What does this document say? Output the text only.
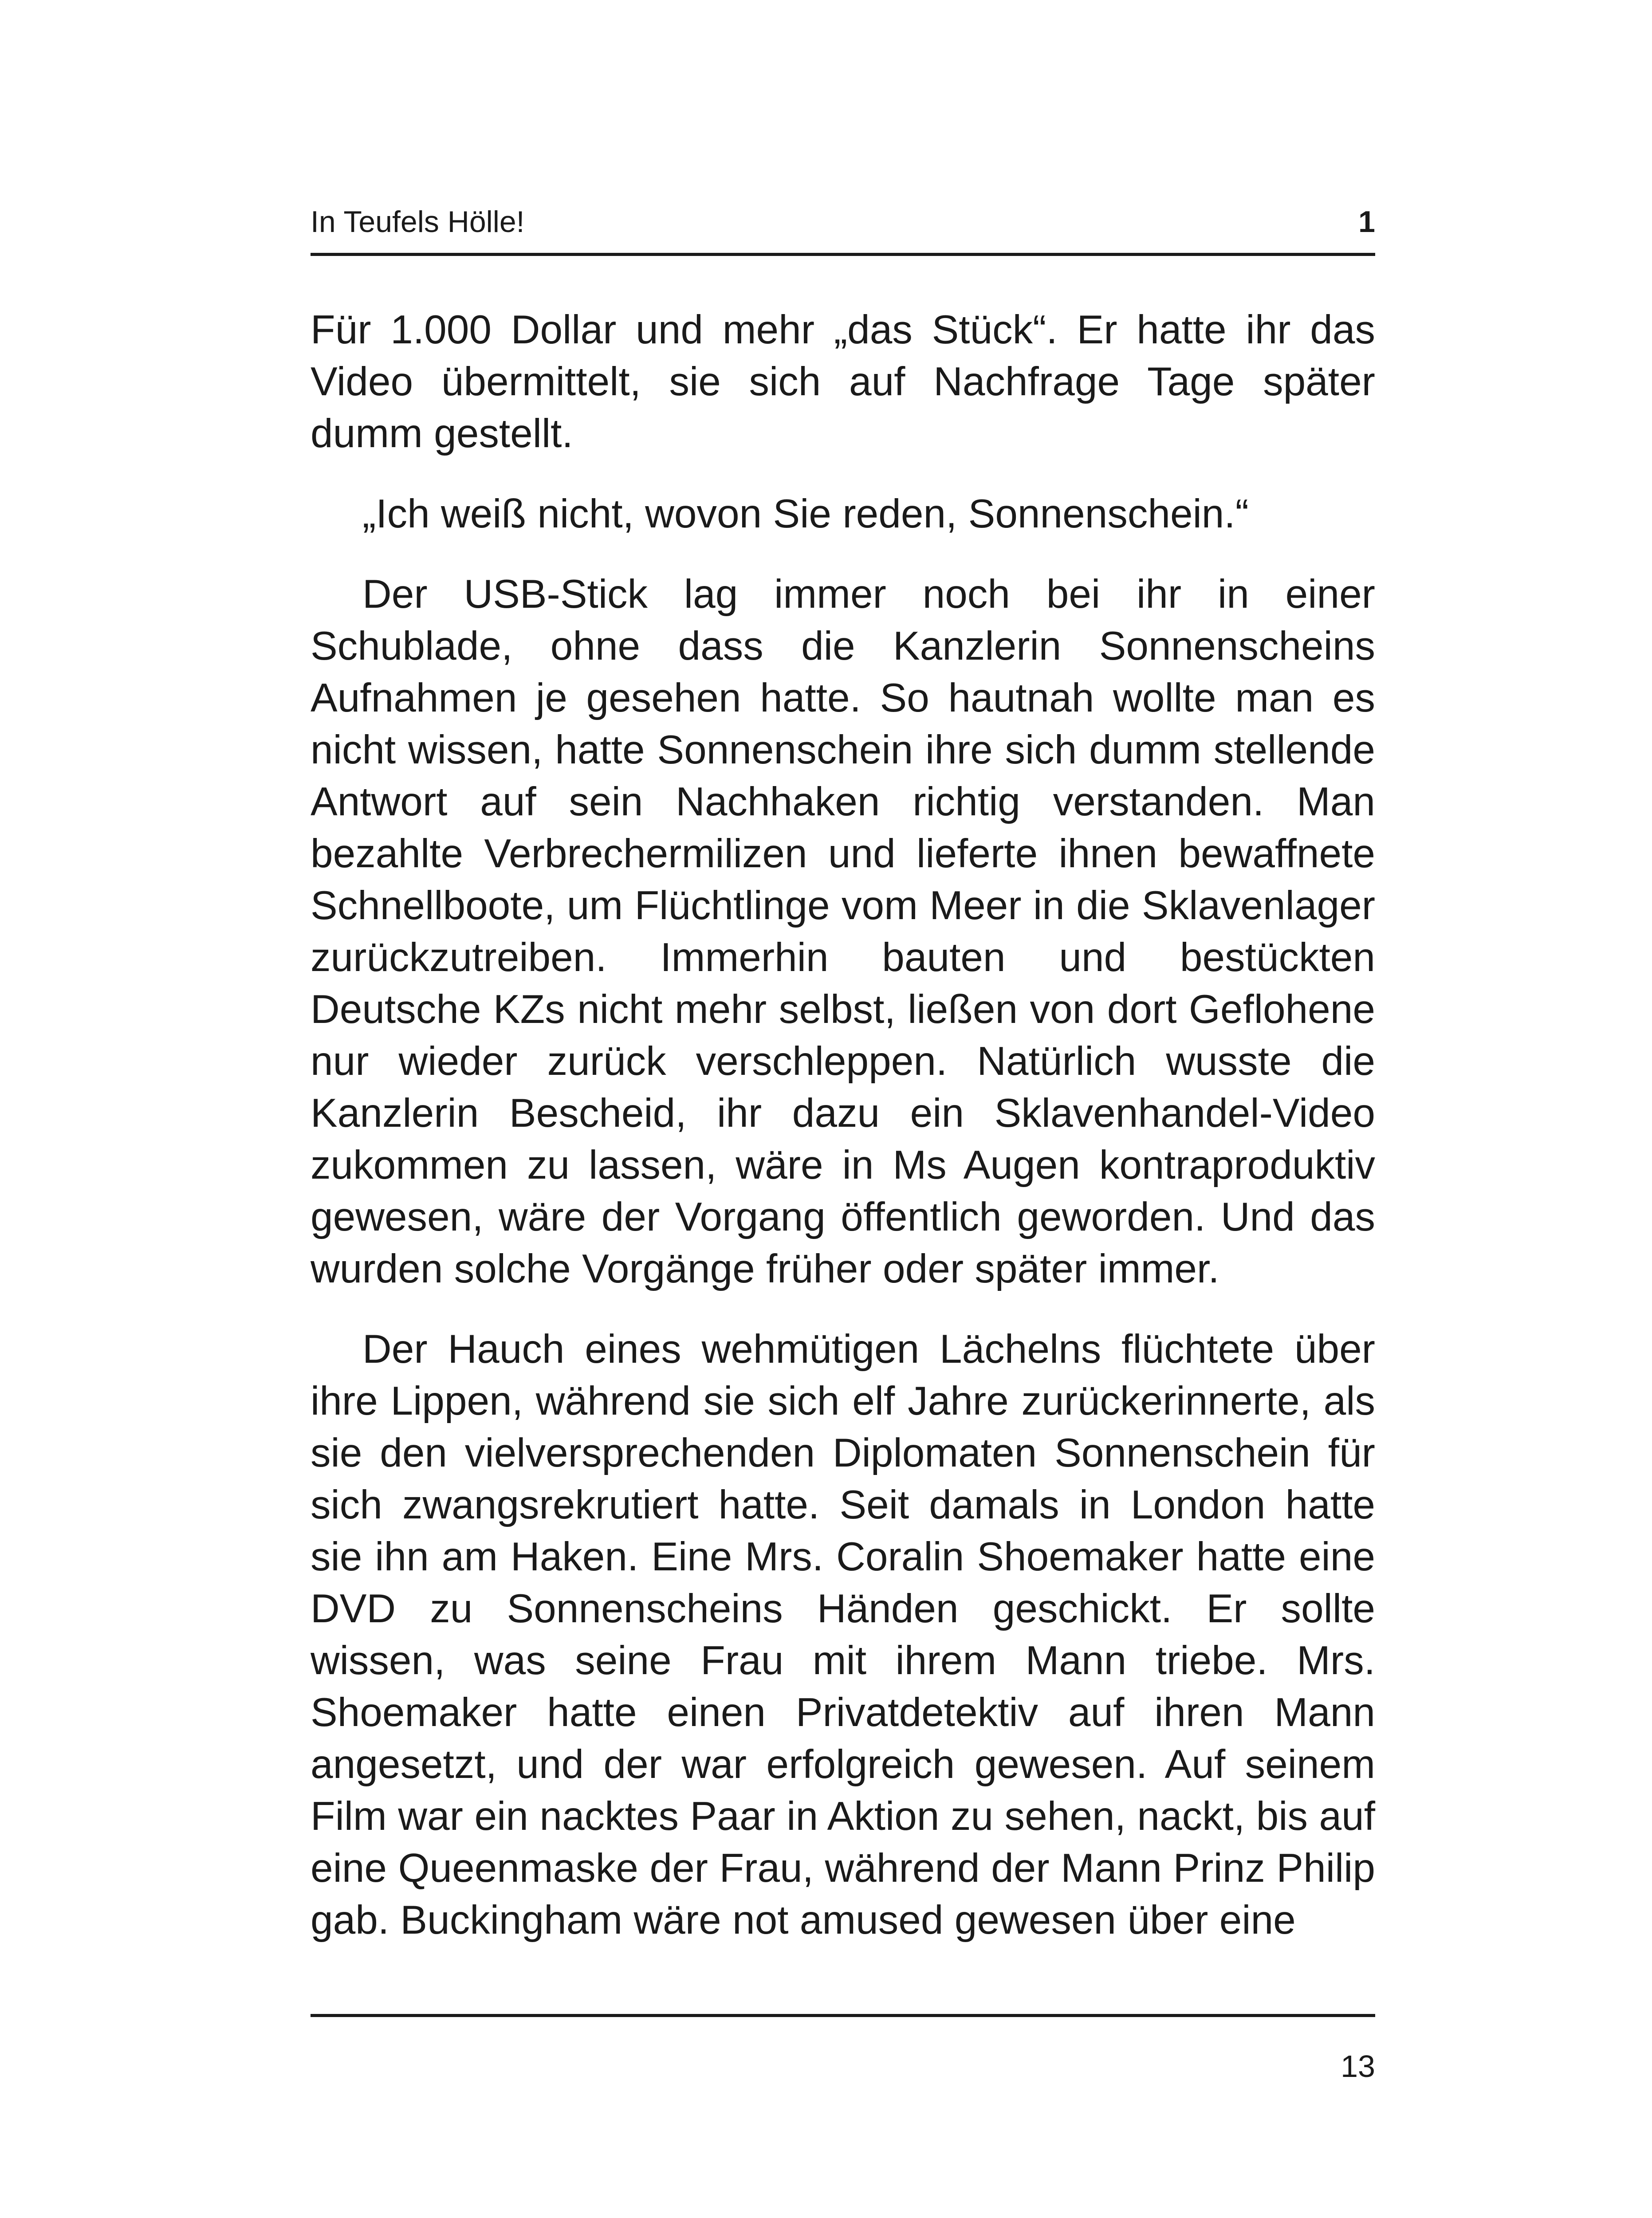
In Teufels Hölle!	1

Für 1.000 Dollar und mehr „das Stück“. Er hatte ihr das Video übermittelt, sie sich auf Nachfrage Tage später dumm gestellt.

„Ich weiß nicht, wovon Sie reden, Sonnenschein.“

Der USB-Stick lag immer noch bei ihr in einer Schublade, ohne dass die Kanzlerin Sonnenscheins Aufnahmen je gesehen hatte. So hautnah wollte man es nicht wissen, hatte Sonnenschein ihre sich dumm stellende Antwort auf sein Nachhaken richtig verstanden. Man bezahlte Verbrechermilizen und lieferte ihnen bewaffnete Schnellboote, um Flüchtlinge vom Meer in die Sklavenlager zurückzutreiben. Immerhin bauten und bestückten Deutsche KZs nicht mehr selbst, ließen von dort Geflohene nur wieder zurück verschleppen. Natürlich wusste die Kanzlerin Bescheid, ihr dazu ein Sklavenhandel-Video zukommen zu lassen, wäre in Ms Augen kontraproduktiv gewesen, wäre der Vorgang öffentlich geworden. Und das wurden solche Vorgänge früher oder später immer.

Der Hauch eines wehmütigen Lächelns flüchtete über ihre Lippen, während sie sich elf Jahre zurückerinnerte, als sie den vielversprechenden Diplomaten Sonnenschein für sich zwangsrekrutiert hatte. Seit damals in London hatte sie ihn am Haken. Eine Mrs. Coralin Shoemaker hatte eine DVD zu Sonnenscheins Händen geschickt. Er sollte wissen, was seine Frau mit ihrem Mann triebe. Mrs. Shoemaker hatte einen Privatdetektiv auf ihren Mann angesetzt, und der war erfolgreich gewesen. Auf seinem Film war ein nacktes Paar in Aktion zu sehen, nackt, bis auf eine Queenmaske der Frau, während der Mann Prinz Philip gab. Buckingham wäre not amused gewesen über eine

13
